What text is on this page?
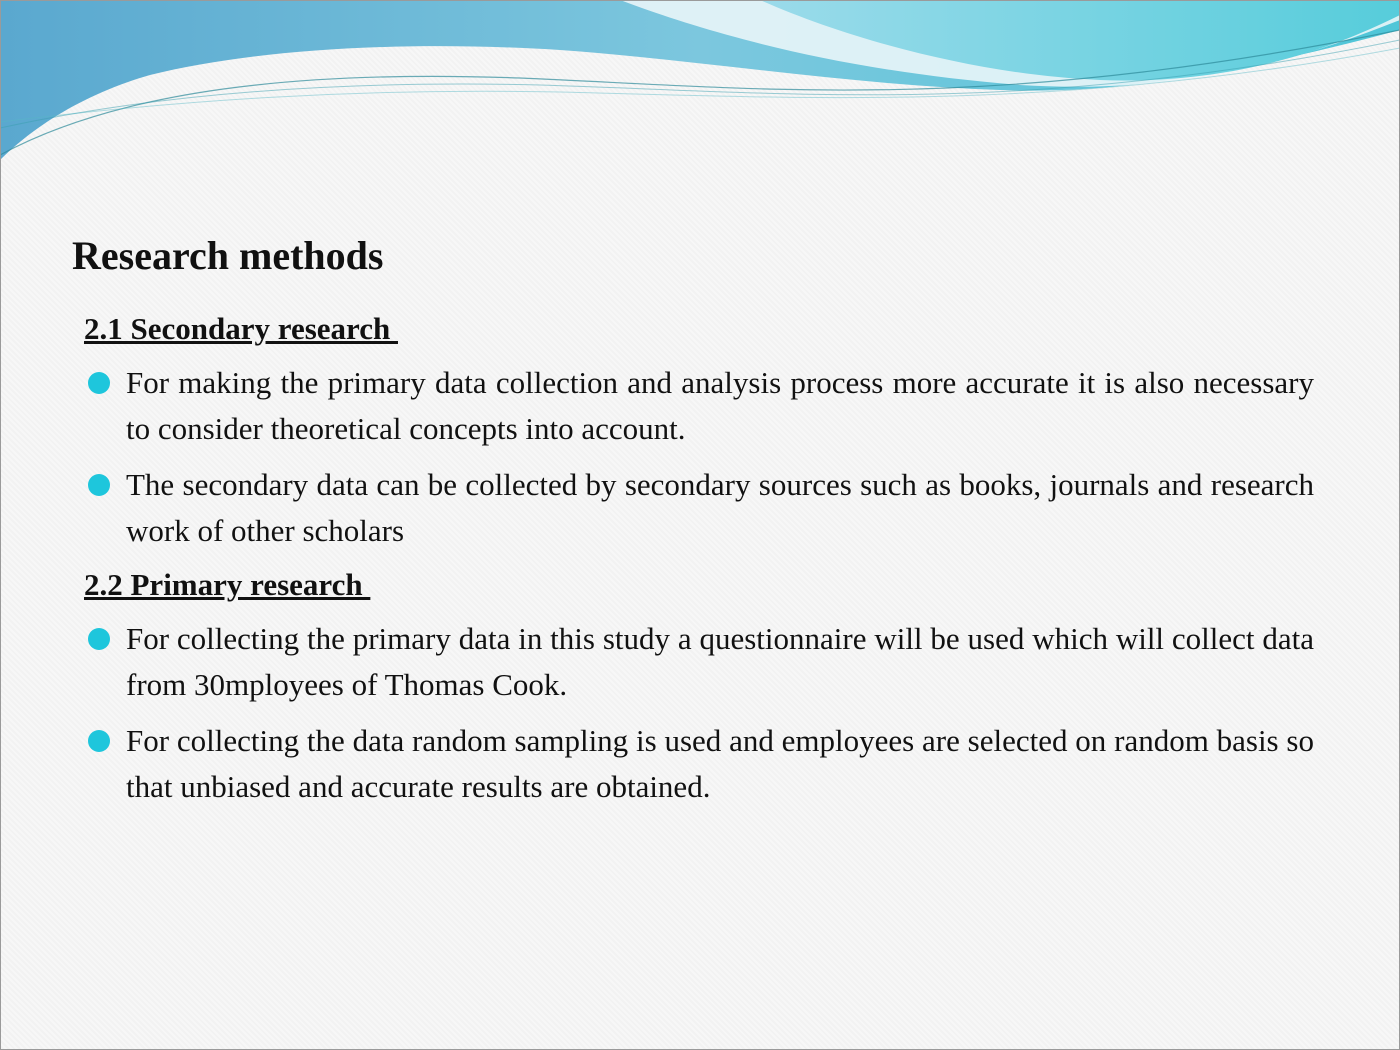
Research methods
2.1 Secondary research
For making the primary data collection and analysis process more accurate it is also necessary to consider theoretical concepts into account.
The secondary data can be collected by secondary sources such as books, journals and research work of other scholars
2.2 Primary research
For collecting the primary data in this study a questionnaire will be used which will collect data from 30mployees of Thomas Cook.
For collecting the data random sampling is used and employees are selected on random basis so that unbiased and accurate results are obtained.
